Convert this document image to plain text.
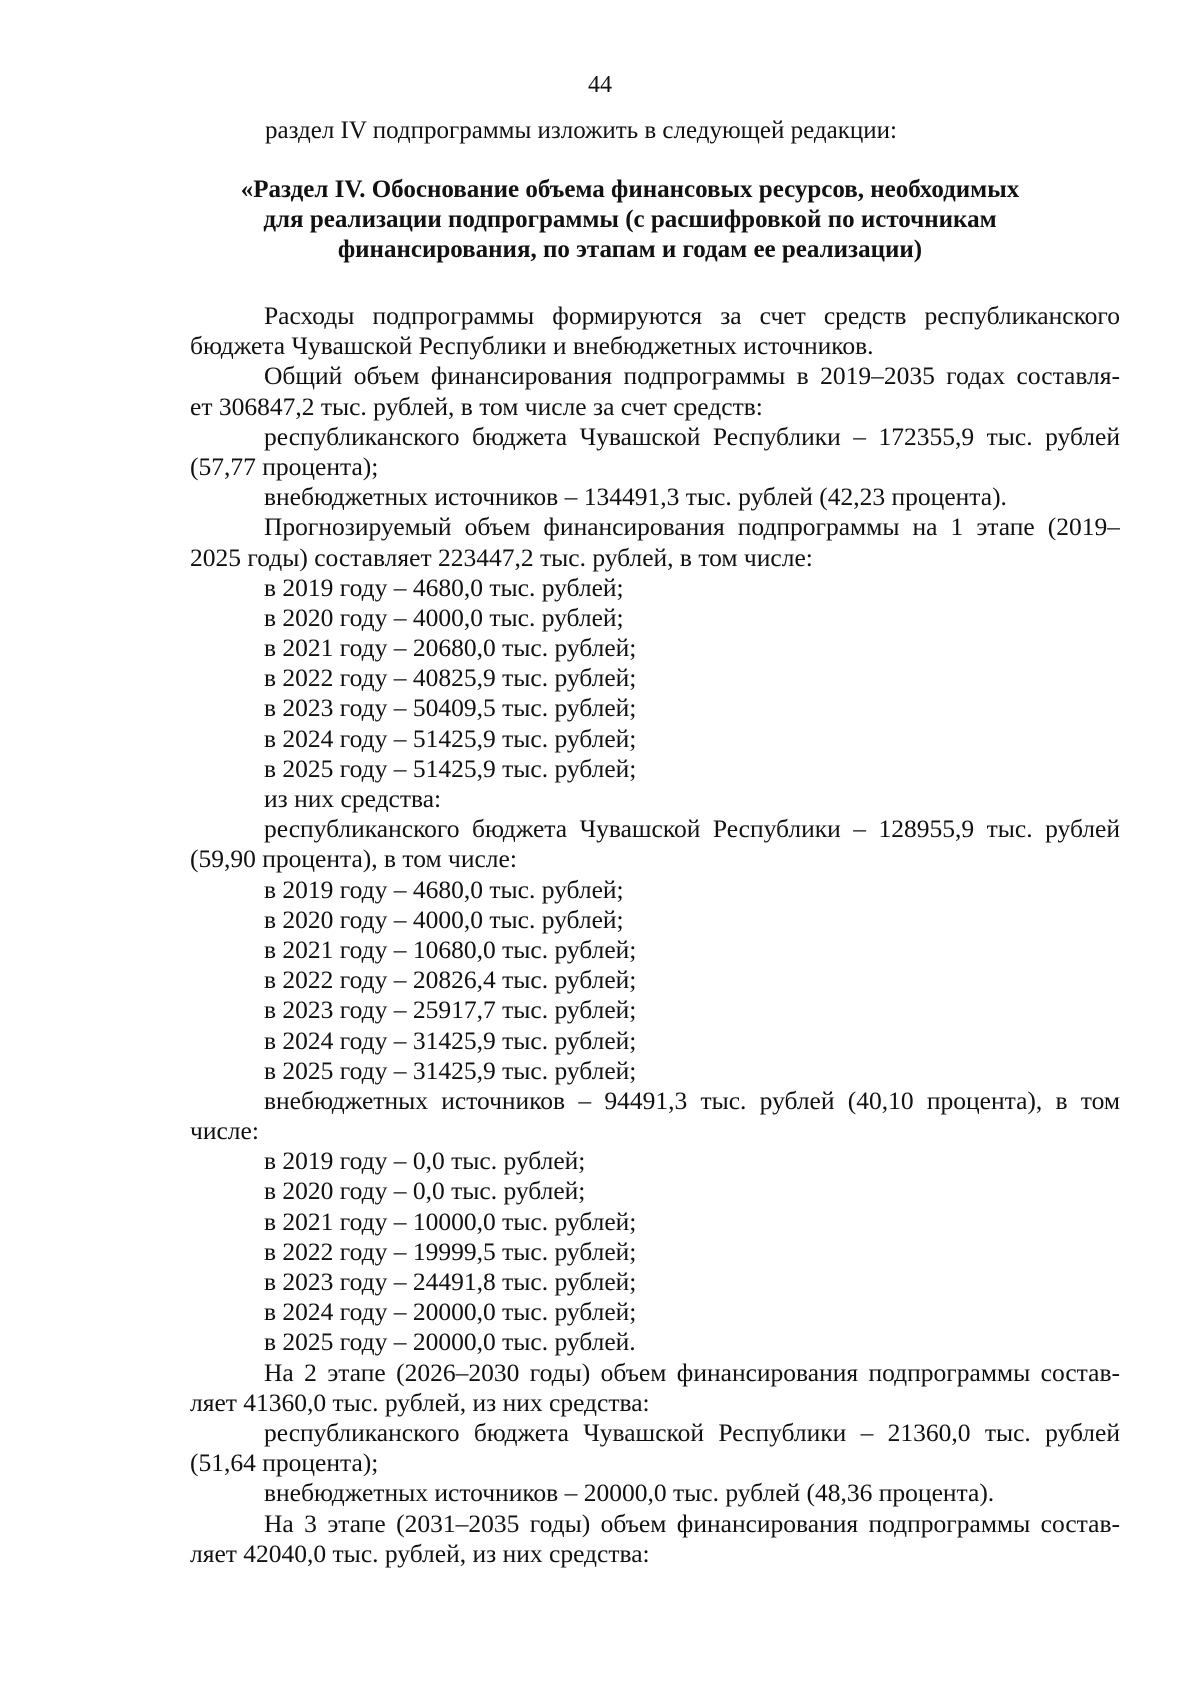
44
раздел IV подпрограммы изложить в следующей редакции:
«Раздел IV. Обоснование объема финансовых ресурсов, необходимых
для реализации подпрограммы (с расшифровкой по источникам
финансирования, по этапам и годам ее реализации)
Расходы подпрограммы формируются за счет средств республиканского
бюджета Чувашской Республики и внебюджетных источников.
Общий объем финансирования подпрограммы в 2019–2035 годах составля-
ет 306847,2 тыс. рублей, в том числе за счет средств:
республиканского бюджета Чувашской Республики – 172355,9 тыс. рублей
(57,77 процента);
внебюджетных источников – 134491,3 тыс. рублей (42,23 процента).
Прогнозируемый объем финансирования подпрограммы на 1 этапе (2019–
2025 годы) составляет 223447,2 тыс. рублей, в том числе:
в 2019 году – 4680,0 тыс. рублей;
в 2020 году – 4000,0 тыс. рублей;
в 2021 году – 20680,0 тыс. рублей;
в 2022 году – 40825,9 тыс. рублей;
в 2023 году – 50409,5 тыс. рублей;
в 2024 году – 51425,9 тыс. рублей;
в 2025 году – 51425,9 тыс. рублей;
из них средства:
республиканского бюджета Чувашской Республики – 128955,9 тыс. рублей
(59,90 процента), в том числе:
в 2019 году – 4680,0 тыс. рублей;
в 2020 году – 4000,0 тыс. рублей;
в 2021 году – 10680,0 тыс. рублей;
в 2022 году – 20826,4 тыс. рублей;
в 2023 году – 25917,7 тыс. рублей;
в 2024 году – 31425,9 тыс. рублей;
в 2025 году – 31425,9 тыс. рублей;
внебюджетных источников – 94491,3 тыс. рублей (40,10 процента), в том
числе:
в 2019 году – 0,0 тыс. рублей;
в 2020 году – 0,0 тыс. рублей;
в 2021 году – 10000,0 тыс. рублей;
в 2022 году – 19999,5 тыс. рублей;
в 2023 году – 24491,8 тыс. рублей;
в 2024 году – 20000,0 тыс. рублей;
в 2025 году – 20000,0 тыс. рублей.
На 2 этапе (2026–2030 годы) объем финансирования подпрограммы состав-
ляет 41360,0 тыс. рублей, из них средства:
республиканского бюджета Чувашской Республики – 21360,0 тыс. рублей
(51,64 процента);
внебюджетных источников – 20000,0 тыс. рублей (48,36 процента).
На 3 этапе (2031–2035 годы) объем финансирования подпрограммы состав-
ляет 42040,0 тыс. рублей, из них средства:
